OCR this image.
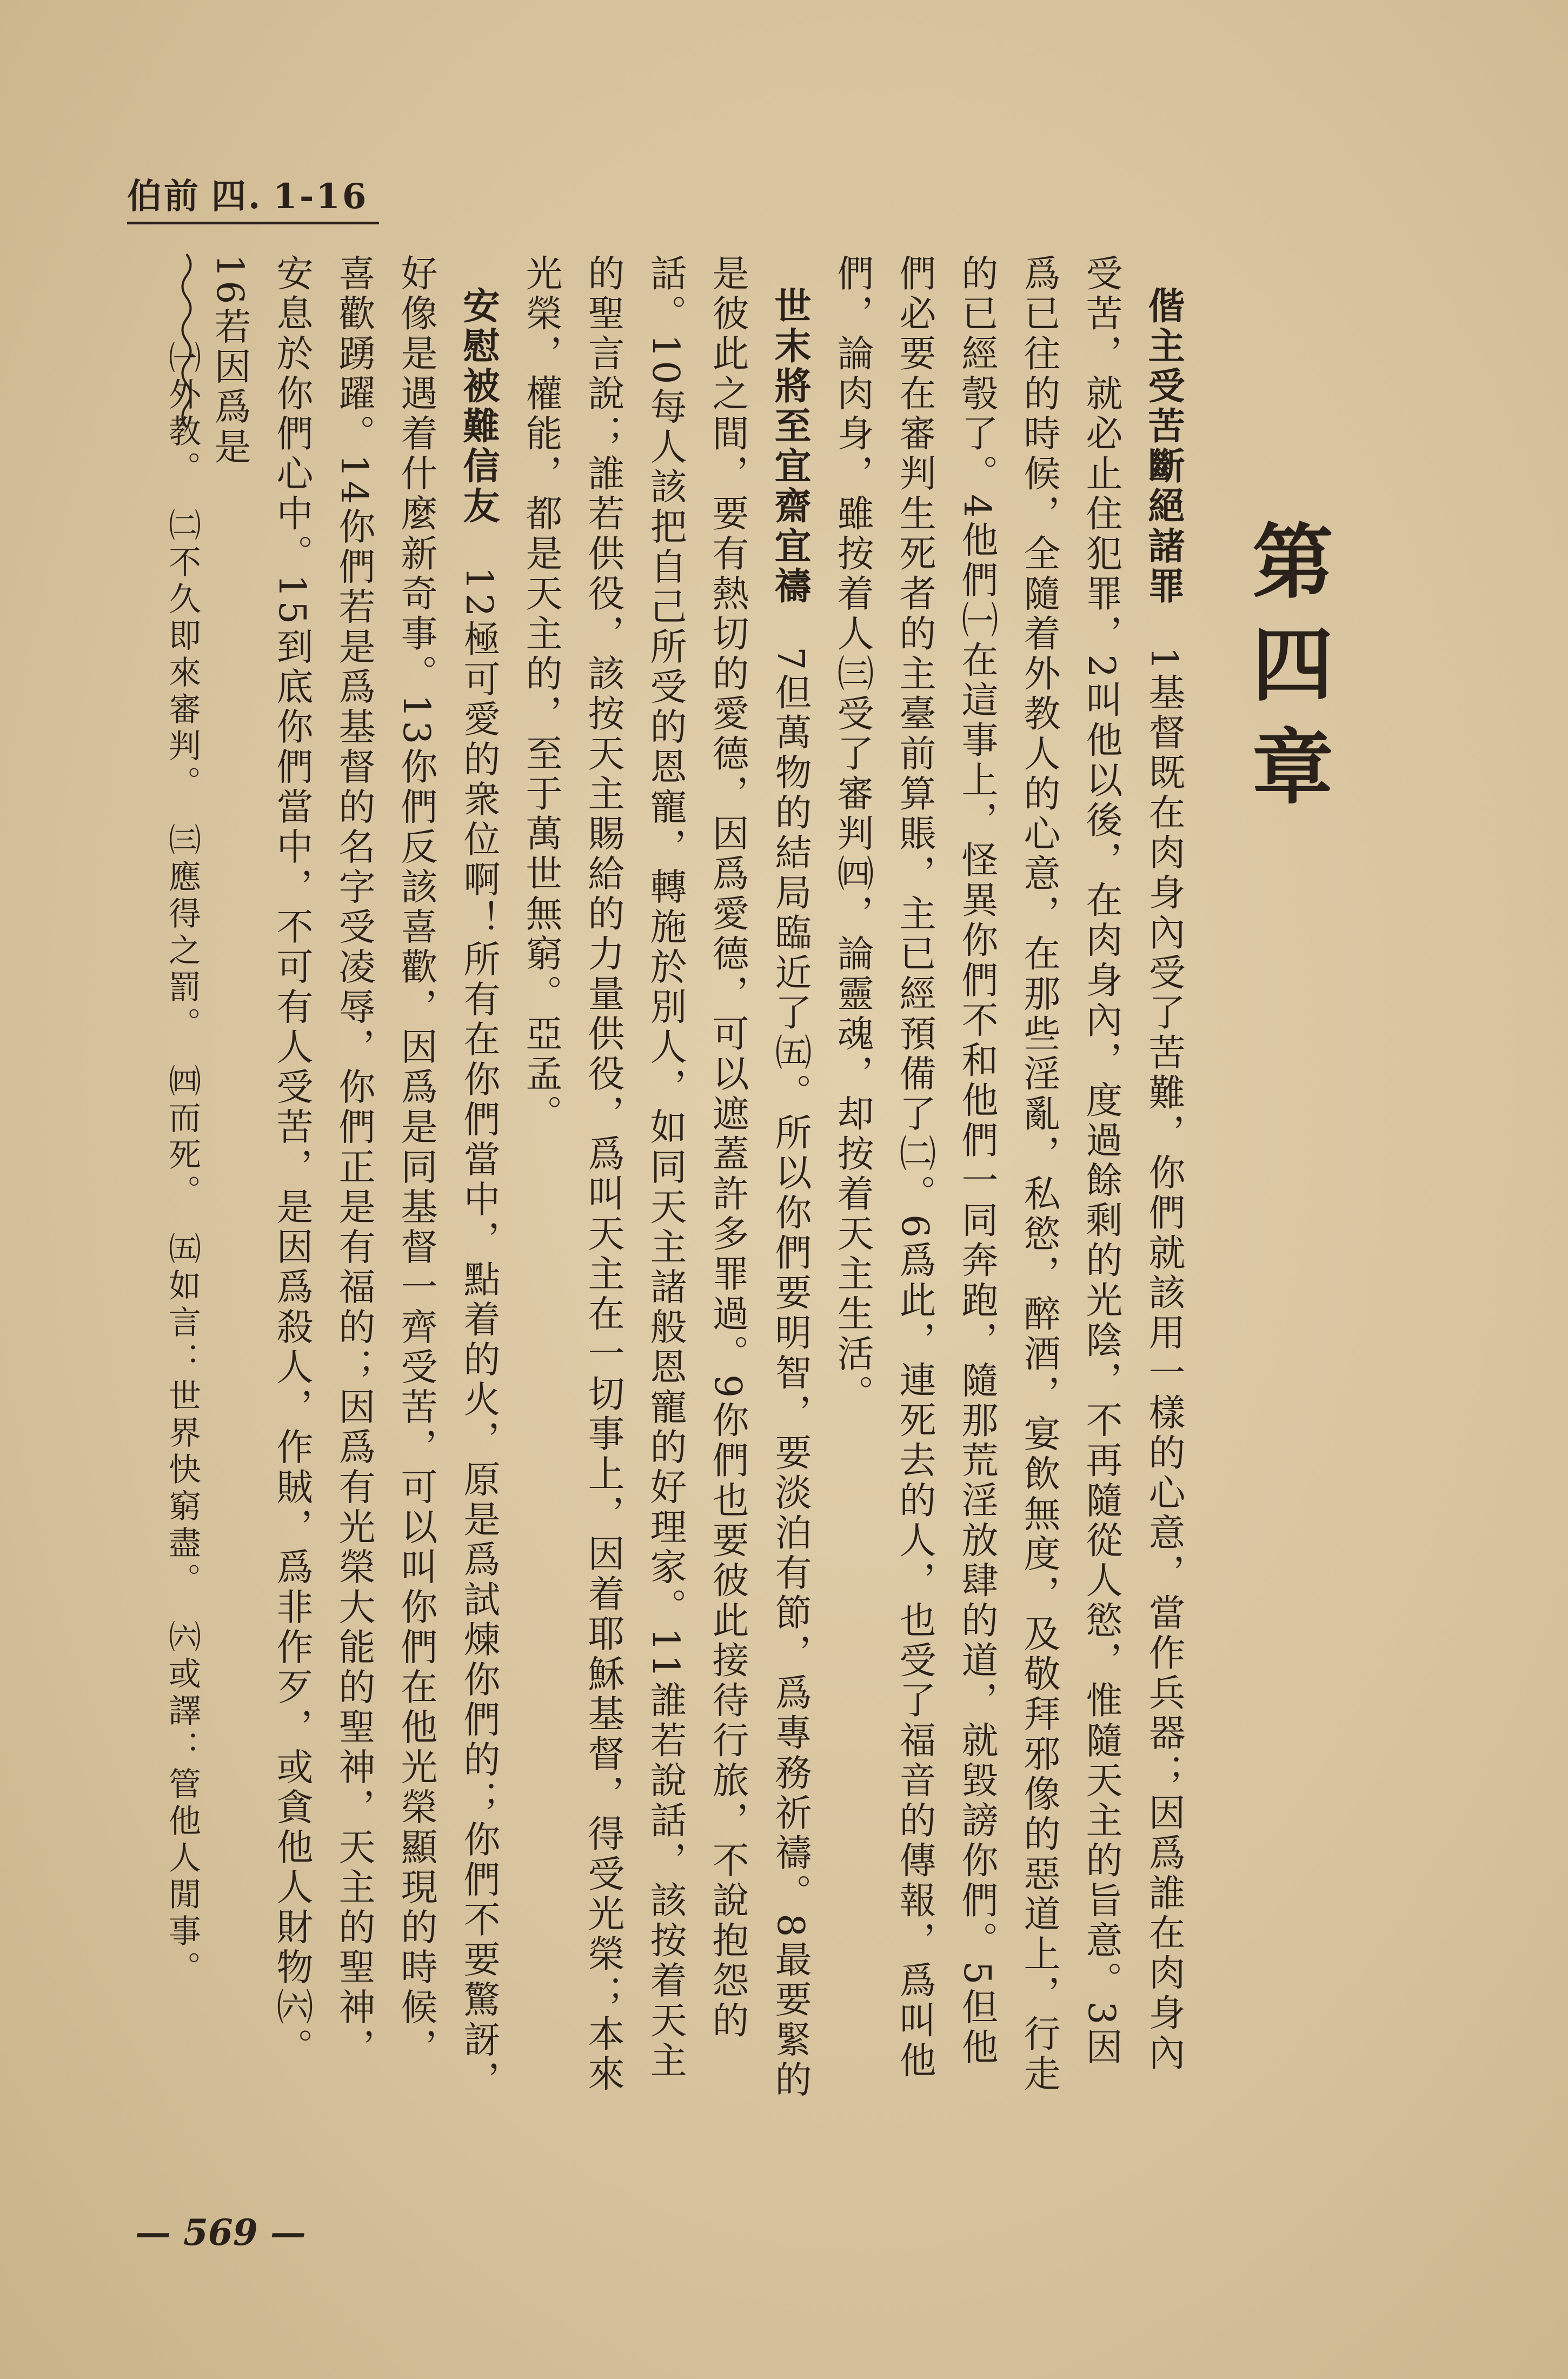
伯前 四. 1-16
第四章

偕主受苦斷絕諸罪　1基督既在肉身內受了苦難，你們就該用一樣的心意，當作兵器；因爲誰在肉身內受苦，就必止住犯罪，2叫他以後，在肉身內，度過餘剩的光陰，不再隨從人慾，惟隨天主的旨意。3因爲已往的時候，全隨着外教人的心意，在那些淫亂，私慾，醉酒，宴飲無度，及敬拜邪像的惡道上，行走的已經彀了。4他們㈠在這事上，怪異你們不和他們一同奔跑，隨那荒淫放肆的道，就毀謗你們。5但他們必要在審判生死者的主臺前算賬，主已經預備了㈡。6爲此，連死去的人，也受了福音的傳報，爲叫他們，論肉身，雖按着人㈢受了審判㈣，論靈魂，却按着天主生活。

世末將至宜齋宜禱　7但萬物的結局臨近了㈤。所以你們要明智，要淡泊有節，爲專務祈禱。8最要緊的是彼此之間，要有熱切的愛德，因爲愛德，可以遮蓋許多罪過。9你們也要彼此接待行旅，不說抱怨的話。10每人該把自己所受的恩寵，轉施於別人，如同天主諸般恩寵的好理家。11誰若說話，該按着天主的聖言說；誰若供役，該按天主賜給的力量供役，爲叫天主在一切事上，因着耶穌基督，得受光榮；本來光榮，權能，都是天主的，至于萬世無窮。亞孟。

安慰被難信友　12極可愛的衆位啊！所有在你們當中，點着的火，原是爲試煉你們的；你們不要驚訝，好像是遇着什麼新奇事。13你們反該喜歡，因爲是同基督一齊受苦，可以叫你們在他光榮顯現的時候，喜歡踴躍。14你們若是爲基督的名字受凌辱，你們正是有福的；因爲有光榮大能的聖神，天主的聖神，安息於你們心中。15到底你們當中，不可有人受苦，是因爲殺人，作賊，爲非作歹，或貪他人財物㈥。16若因爲是

㈠外教。　㈡不久即來審判。　㈢應得之罰。　㈣而死。　㈤如言：世界快窮盡。　㈥或譯：管他人閒事。
— 569 —
